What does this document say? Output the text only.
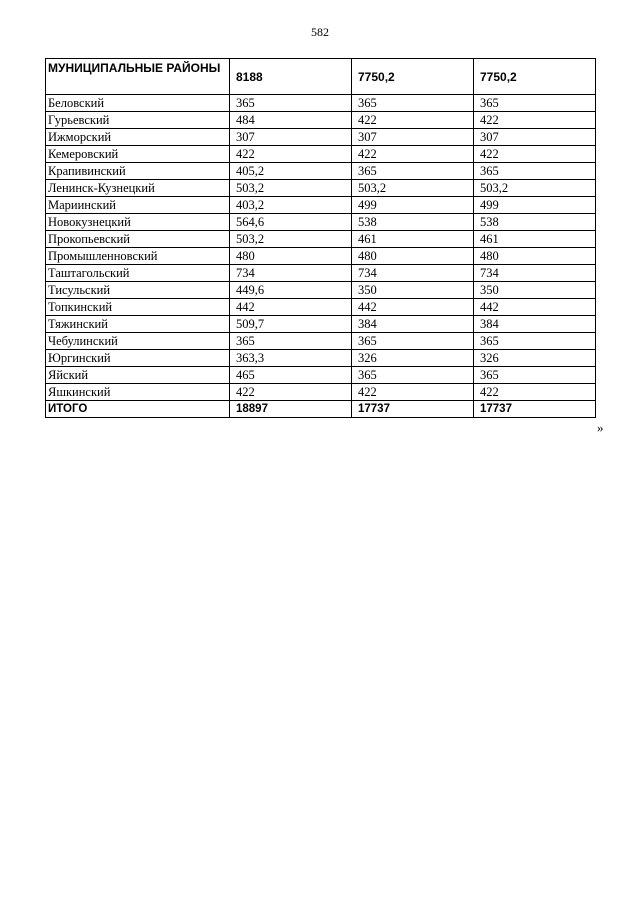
582
МУНИЦИПАЛЬНЫЕ РАЙОНЫ	8188	7750,2	7750,2
Беловский	365	365	365
Гурьевский	484	422	422
Ижморский	307	307	307
Кемеровский	422	422	422
Крапивинский	405,2	365	365
Ленинск-Кузнецкий	503,2	503,2	503,2
Мариинский	403,2	499	499
Новокузнецкий	564,6	538	538
Прокопьевский	503,2	461	461
Промышленновский	480	480	480
Таштагольский	734	734	734
Тисульский	449,6	350	350
Топкинский	442	442	442
Тяжинский	509,7	384	384
Чебулинский	365	365	365
Юргинский	363,3	326	326
Яйский	465	365	365
Яшкинский	422	422	422
ИТОГО	18897	17737	17737
»
